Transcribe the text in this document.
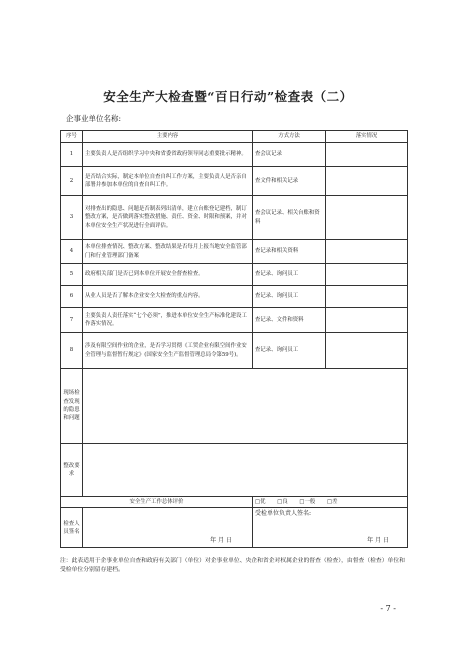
安全生产大检查暨“百日行动”检查表（二）
企事业单位名称:
序号	主要内容	方式方法	落实情况
1	主要负责人是否组织学习中央和省委省政府领导同志重要批示精神。	查会议记录	
2	是否结合实际，制定本单位自查自纠工作方案，主要负责人是否亲自部署并参加本单位的自查自纠工作。	查文件和相关记录	
3	对排查出的隐患、问题是否制表列出清单，建立台账登记建档，制订整改方案，是否做到落实整改措施、责任、资金、时限和预案，并对本单位安全生产状况进行全面评估。	查会议记录、相关台账和资料	
4	本单位排查情况、整改方案、整改结果是否每月上报当地安全监管部门和行业管理部门备案	查记录和相关资料	
5	政府相关部门是否已到本单位开展安全督查检查。	查记录、询问员工	
6	从业人员是否了解本企业安全大检查的重点内容。	查记录、询问员工	
7	主要负责人责任落实“七个必须”，推进本单位安全生产标准化建设工作落实情况。	查记录、文件和资料	
8	涉及有限空间作业的企业，是否学习贯彻《工贸企业有限空间作业安全管理与监督暂行规定》(国家安全生产监督管理总局令第59号)。	查记录、询问员工	
现场检查发现的隐患和问题			
整改要求			
安全生产工作总体评价		□优 □良 □一般 □差	
检查人员签名	年 月 日	受检单位负责人签名:
年 月 日	
注：此表适用于企事业单位自查和政府有关部门（单位）对企事业单位、央企和省企对权属企业的督查（检查），由督查（检查）单位和受检单位分别留存建档。
- 7 -
